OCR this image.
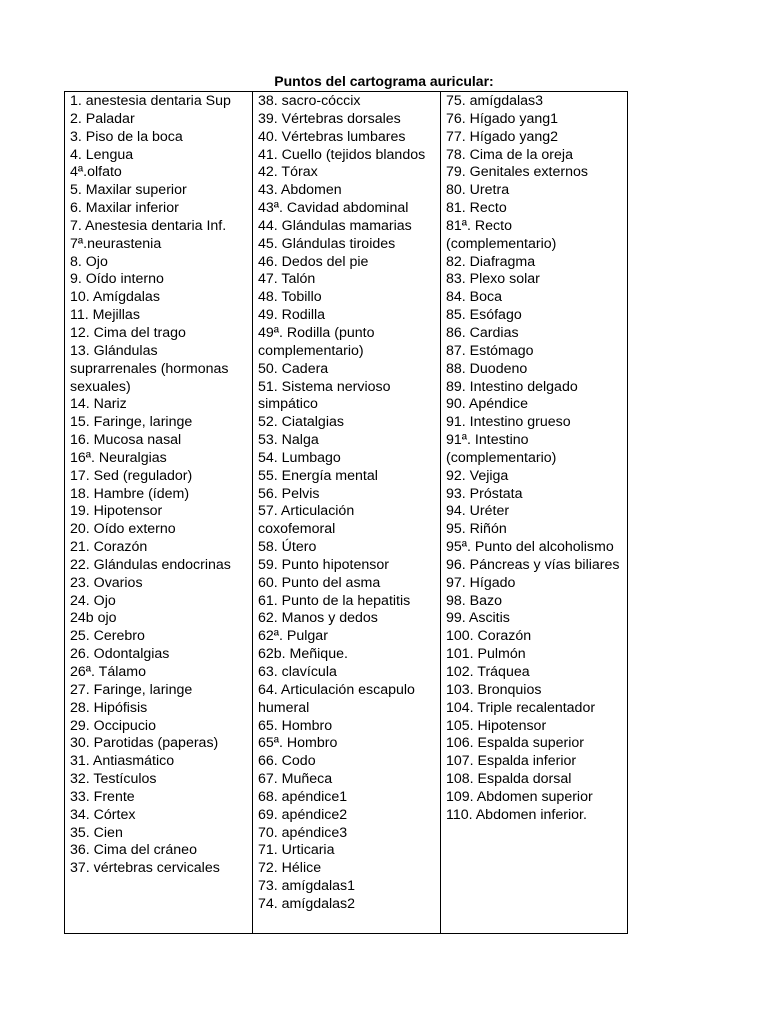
Puntos del cartograma auricular:
1. anestesia dentaria Sup
2. Paladar
3. Piso de la boca
4. Lengua
4ª.olfato
5. Maxilar superior
6. Maxilar inferior
7. Anestesia dentaria Inf.
7ª.neurastenia
8. Ojo
9. Oído interno
10. Amígdalas
11. Mejillas
12. Cima del trago
13. Glándulas suprarrenales (hormonas sexuales)
14. Nariz
15. Faringe, laringe
16. Mucosa nasal
16ª. Neuralgias
17. Sed (regulador)
18. Hambre (ídem)
19. Hipotensor
20. Oído externo
21. Corazón
22. Glándulas endocrinas
23. Ovarios
24. Ojo
24b ojo
25. Cerebro
26. Odontalgias
26ª. Tálamo
27. Faringe, laringe
28. Hipófisis
29. Occipucio
30. Parotidas (paperas)
31. Antiasmático
32. Testículos
33. Frente
34. Córtex
35. Cien
36. Cima del cráneo
37. vértebras cervicales

38. sacro-cóccix
39. Vértebras dorsales
40. Vértebras lumbares
41. Cuello (tejidos blandos
42. Tórax
43. Abdomen
43ª. Cavidad abdominal
44. Glándulas mamarias
45. Glándulas tiroides
46. Dedos del pie
47. Talón
48. Tobillo
49. Rodilla
49ª. Rodilla (punto complementario)
50. Cadera
51. Sistema nervioso simpático
52. Ciatalgias
53. Nalga
54. Lumbago
55. Energía mental
56. Pelvis
57. Articulación coxofemoral
58. Útero
59. Punto hipotensor
60. Punto del asma
61. Punto de la hepatitis
62. Manos y dedos
62ª. Pulgar
62b. Meñique.
63. clavícula
64. Articulación escapulo humeral
65. Hombro
65ª. Hombro
66. Codo
67. Muñeca
68. apéndice1
69. apéndice2
70. apéndice3
71. Urticaria
72. Hélice
73. amígdalas1
74. amígdalas2

75. amígdalas3
76. Hígado yang1
77. Hígado yang2
78. Cima de la oreja
79. Genitales externos
80. Uretra
81. Recto
81ª. Recto (complementario)
82. Diafragma
83. Plexo solar
84. Boca
85. Esófago
86. Cardias
87. Estómago
88. Duodeno
89. Intestino delgado
90. Apéndice
91. Intestino grueso
91ª. Intestino (complementario)
92. Vejiga
93. Próstata
94. Uréter
95. Riñón
95ª. Punto del alcoholismo
96. Páncreas y vías biliares
97. Hígado
98. Bazo
99. Ascitis
100. Corazón
101. Pulmón
102. Tráquea
103. Bronquios
104. Triple recalentador
105. Hipotensor
106. Espalda superior
107. Espalda inferior
108. Espalda dorsal
109. Abdomen superior
110. Abdomen inferior.
